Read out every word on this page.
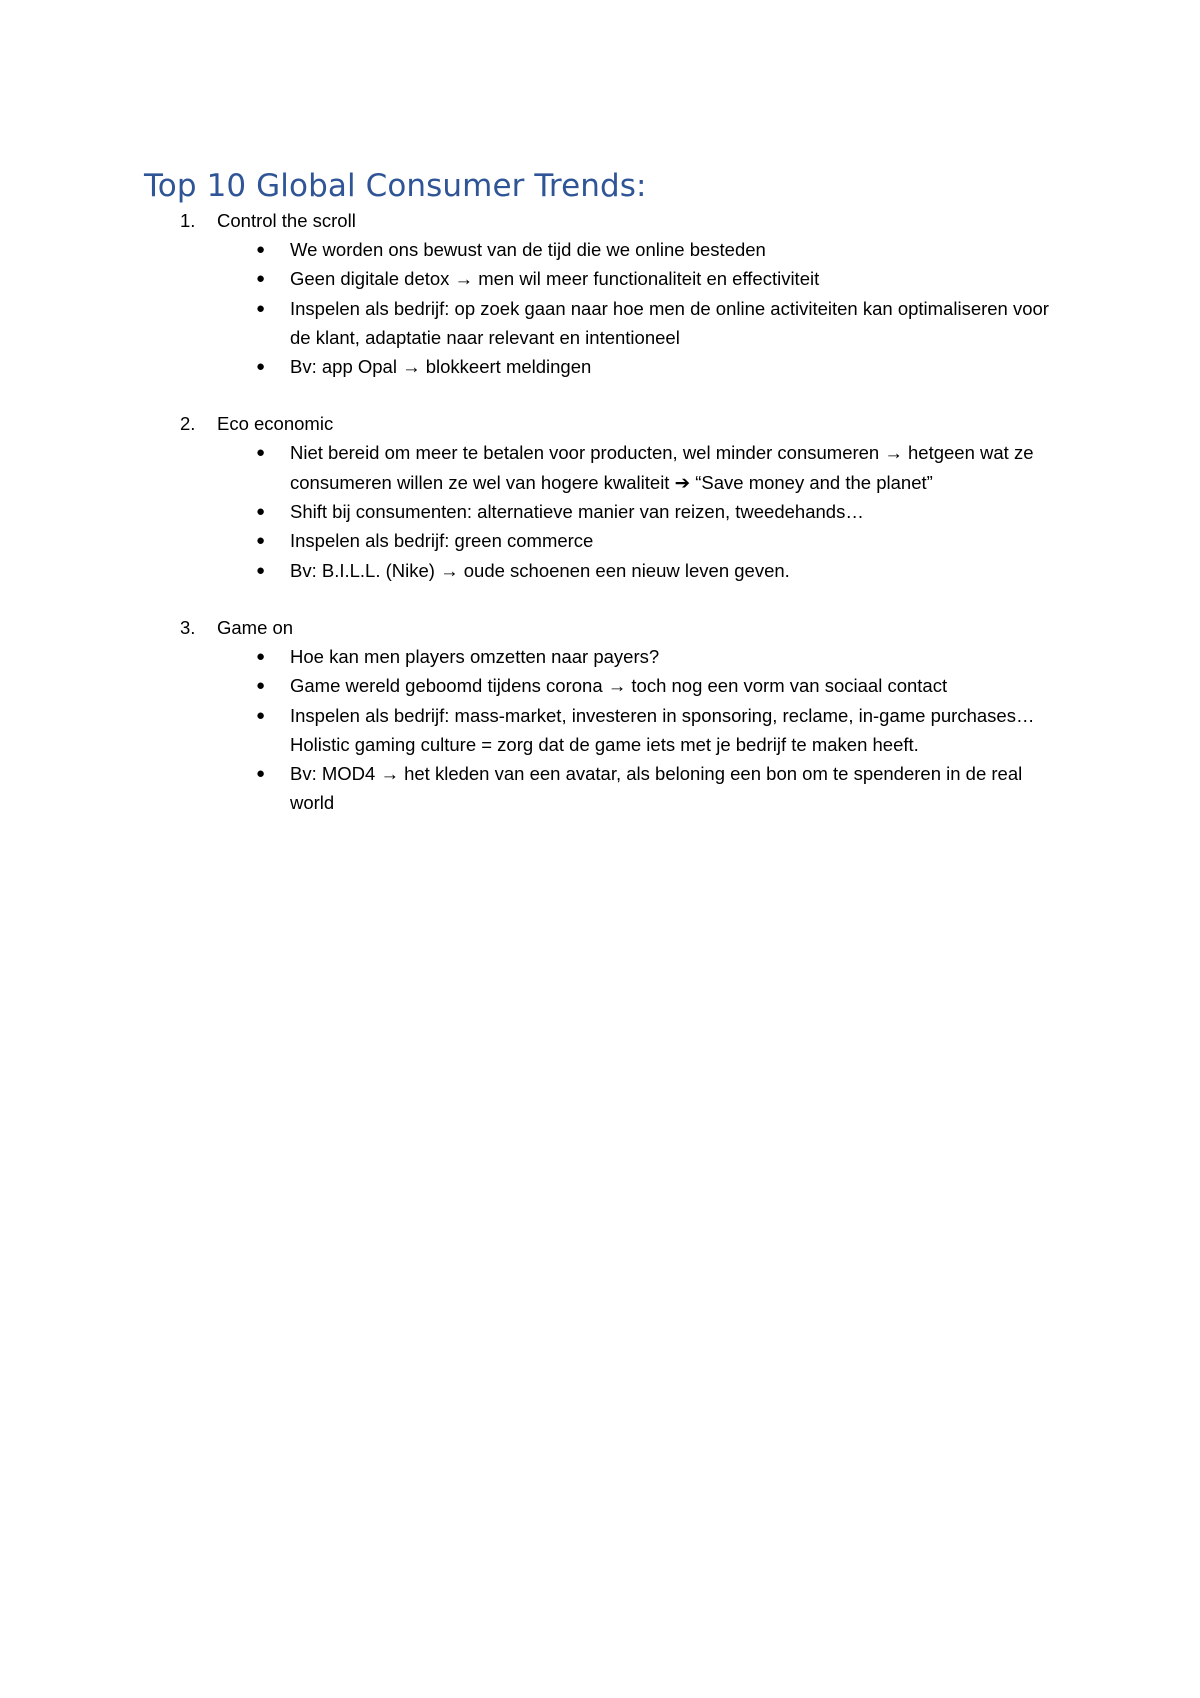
Top 10 Global Consumer Trends:
1. Control the scroll
● We worden ons bewust van de tijd die we online besteden
● Geen digitale detox → men wil meer functionaliteit en effectiviteit
● Inspelen als bedrijf: op zoek gaan naar hoe men de online activiteiten kan optimaliseren voor de klant, adaptatie naar relevant en intentioneel
● Bv: app Opal → blokkeert meldingen
2. Eco economic
● Niet bereid om meer te betalen voor producten, wel minder consumeren → hetgeen wat ze consumeren willen ze wel van hogere kwaliteit ➔ “Save money and the planet”
● Shift bij consumenten: alternatieve manier van reizen, tweedehands…
● Inspelen als bedrijf: green commerce
● Bv: B.I.L.L. (Nike) → oude schoenen een nieuw leven geven.
3. Game on
● Hoe kan men players omzetten naar payers?
● Game wereld geboomd tijdens corona → toch nog een vorm van sociaal contact
● Inspelen als bedrijf: mass-market, investeren in sponsoring, reclame, in-game purchases… Holistic gaming culture = zorg dat de game iets met je bedrijf te maken heeft.
● Bv: MOD4 → het kleden van een avatar, als beloning een bon om te spenderen in de real world
